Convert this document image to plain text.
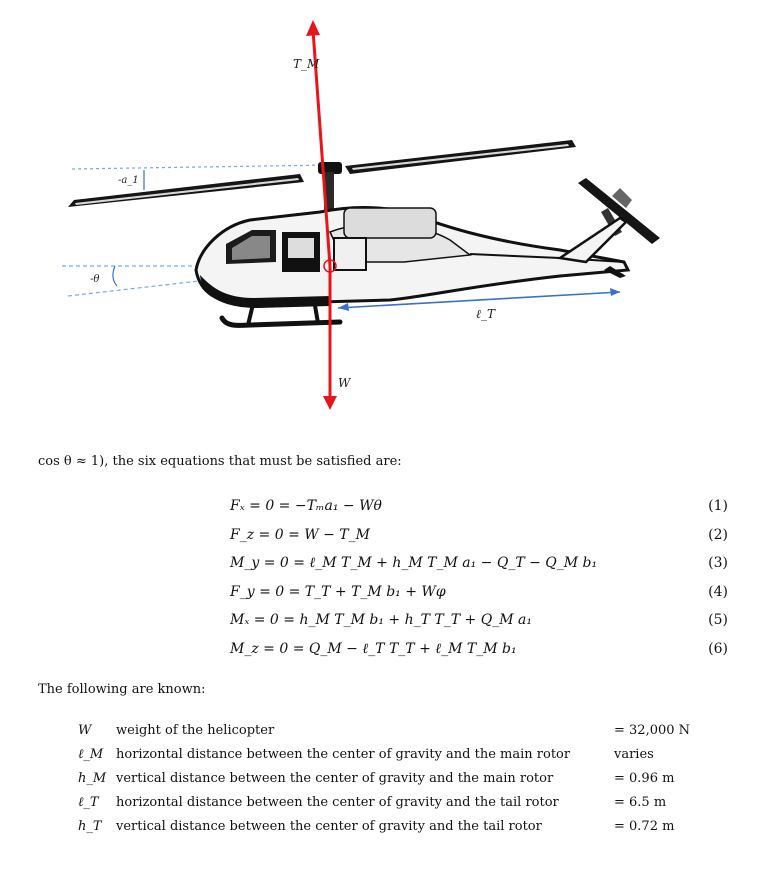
T_M
W
-a_1
-θ
ℓ_T
cos θ ≈ 1), the six equations that must be satisfied are:
Fₓ = 0 = −Tₘa₁ − Wθ	(1)
F_z = 0 = W − T_M	(2)
M_y = 0 = ℓ_M T_M + h_M T_M a₁ − Q_T − Q_M b₁	(3)
F_y = 0 = T_T + T_M b₁ + Wφ	(4)
Mₓ = 0 = h_M T_M b₁ + h_T T_T + Q_M a₁	(5)
M_z = 0 = Q_M − ℓ_T T_T + ℓ_M T_M b₁	(6)
The following are known:
W	weight of the helicopter	= 32,000 N
ℓ_M	horizontal distance between the center of gravity and the main rotor	varies
h_M	vertical distance between the center of gravity and the main rotor	= 0.96 m
ℓ_T	horizontal distance between the center of gravity and the tail rotor	= 6.5 m
h_T	vertical distance between the center of gravity and the tail rotor	= 0.72 m
